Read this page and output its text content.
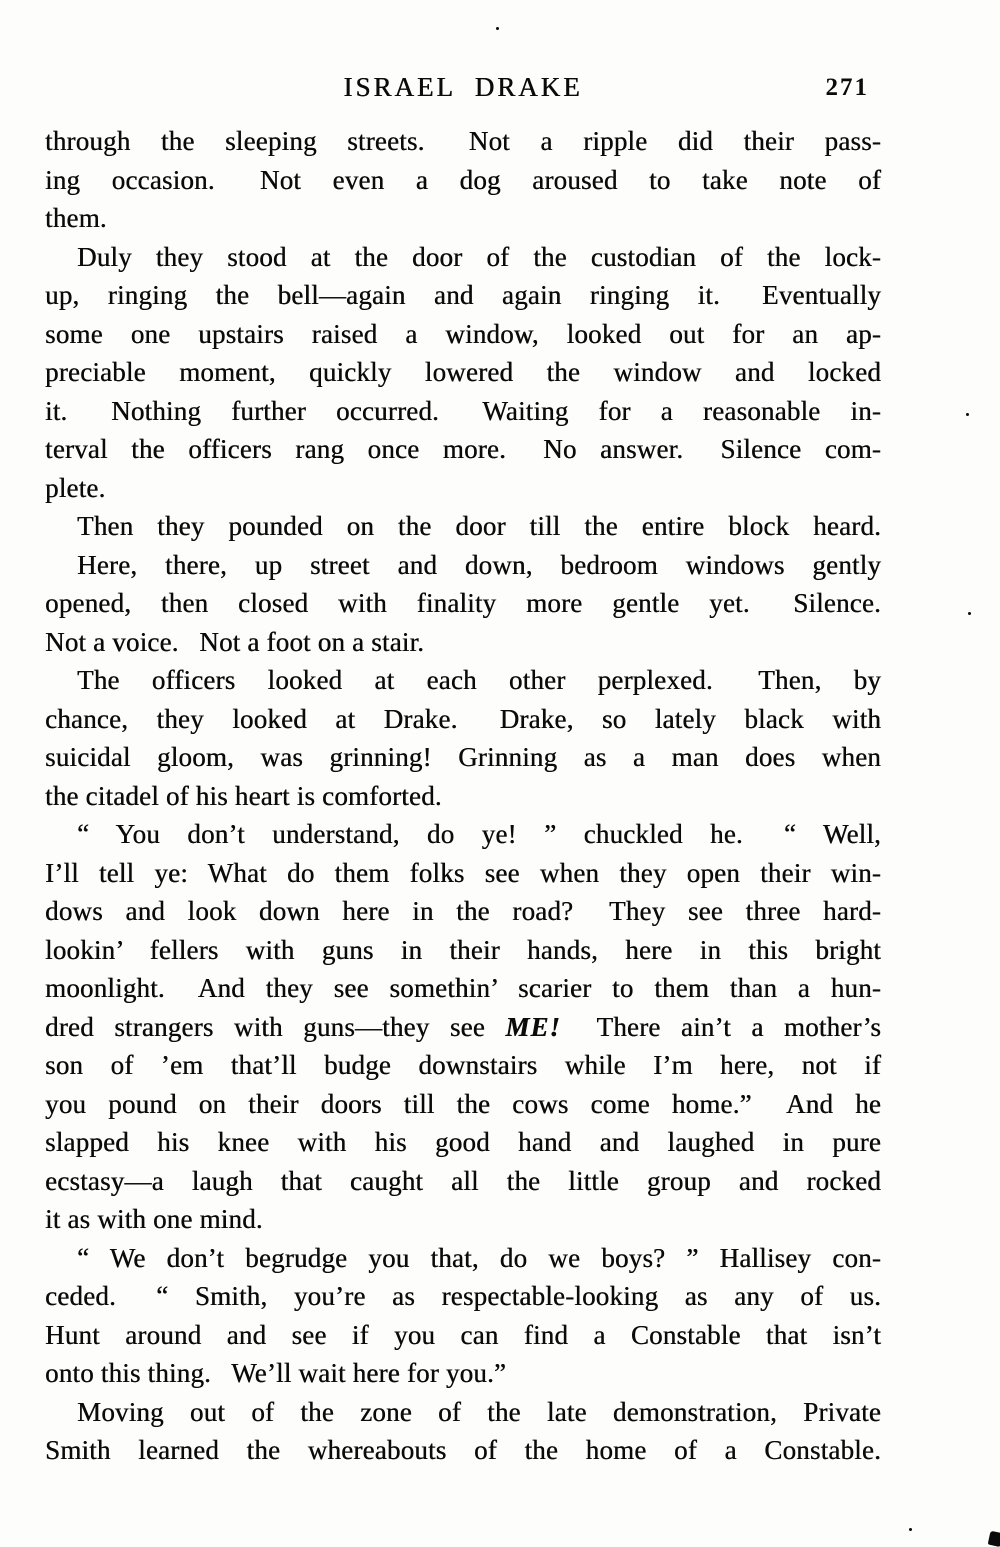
ISRAEL DRAKE	271
through the sleeping streets.  Not a ripple did their pass-
ing occasion.  Not even a dog aroused to take note of
them.
Duly they stood at the door of the custodian of the lock-
up, ringing the bell—again and again ringing it.  Eventually
some one upstairs raised a window, looked out for an ap-
preciable moment, quickly lowered the window and locked
it.  Nothing further occurred.  Waiting for a reasonable in-
terval the officers rang once more.  No answer.  Silence com-
plete.
Then they pounded on the door till the entire block heard.
Here, there, up street and down, bedroom windows gently
opened, then closed with finality more gentle yet.  Silence.
Not a voice.  Not a foot on a stair.
The officers looked at each other perplexed.  Then, by
chance, they looked at Drake.  Drake, so lately black with
suicidal gloom, was grinning! Grinning as a man does when
the citadel of his heart is comforted.
“ You don’t understand, do ye! ” chuckled he.  “ Well,
I’ll tell ye: What do them folks see when they open their win-
dows and look down here in the road?  They see three hard-
lookin’ fellers with guns in their hands, here in this bright
moonlight.  And they see somethin’ scarier to them than a hun-
dred strangers with guns—they see ME!  There ain’t a mother’s
son of ’em that’ll budge downstairs while I’m here, not if
you pound on their doors till the cows come home.”  And he
slapped his knee with his good hand and laughed in pure
ecstasy—a laugh that caught all the little group and rocked
it as with one mind.
“ We don’t begrudge you that, do we boys? ” Hallisey con-
ceded.  “ Smith, you’re as respectable-looking as any of us.
Hunt around and see if you can find a Constable that isn’t
onto this thing.  We’ll wait here for you.”
Moving out of the zone of the late demonstration, Private
Smith learned the whereabouts of the home of a Constable.
